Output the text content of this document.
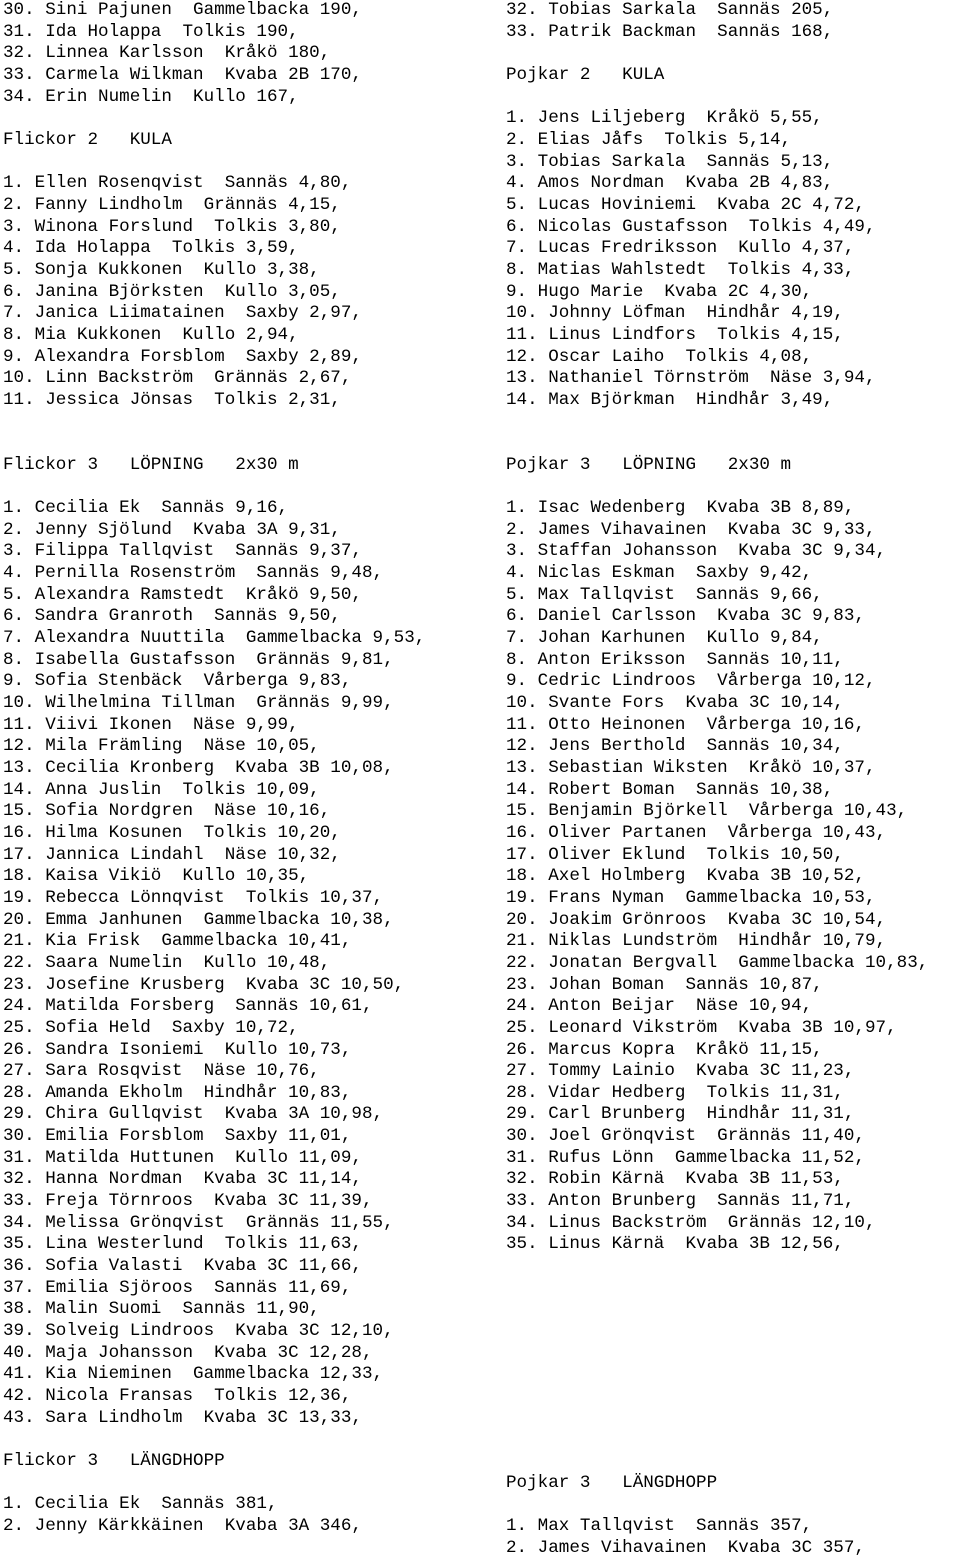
30. Sini Pajunen  Gammelbacka 190,
31. Ida Holappa  Tolkis 190,
32. Linnea Karlsson  Kråkö 180,
33. Carmela Wilkman  Kvaba 2B 170,
34. Erin Numelin  Kullo 167,
Flickor 2   KULA
1. Ellen Rosenqvist  Sannäs 4,80,
2. Fanny Lindholm  Grännäs 4,15,
3. Winona Forslund  Tolkis 3,80,
4. Ida Holappa  Tolkis 3,59,
5. Sonja Kukkonen  Kullo 3,38,
6. Janina Björksten  Kullo 3,05,
7. Janica Liimatainen  Saxby 2,97,
8. Mia Kukkonen  Kullo 2,94,
9. Alexandra Forsblom  Saxby 2,89,
10. Linn Backström  Grännäs 2,67,
11. Jessica Jönsas  Tolkis 2,31,
Flickor 3   LÖPNING   2x30 m
1. Cecilia Ek  Sannäs 9,16,
2. Jenny Sjölund  Kvaba 3A 9,31,
3. Filippa Tallqvist  Sannäs 9,37,
4. Pernilla Rosenström  Sannäs 9,48,
5. Alexandra Ramstedt  Kråkö 9,50,
6. Sandra Granroth  Sannäs 9,50,
7. Alexandra Nuuttila  Gammelbacka 9,53,
8. Isabella Gustafsson  Grännäs 9,81,
9. Sofia Stenbäck  Vårberga 9,83,
10. Wilhelmina Tillman  Grännäs 9,99,
11. Viivi Ikonen  Näse 9,99,
12. Mila Främling  Näse 10,05,
13. Cecilia Kronberg  Kvaba 3B 10,08,
14. Anna Juslin  Tolkis 10,09,
15. Sofia Nordgren  Näse 10,16,
16. Hilma Kosunen  Tolkis 10,20,
17. Jannica Lindahl  Näse 10,32,
18. Kaisa Vikiö  Kullo 10,35,
19. Rebecca Lönnqvist  Tolkis 10,37,
20. Emma Janhunen  Gammelbacka 10,38,
21. Kia Frisk  Gammelbacka 10,41,
22. Saara Numelin  Kullo 10,48,
23. Josefine Krusberg  Kvaba 3C 10,50,
24. Matilda Forsberg  Sannäs 10,61,
25. Sofia Held  Saxby 10,72,
26. Sandra Isoniemi  Kullo 10,73,
27. Sara Rosqvist  Näse 10,76,
28. Amanda Ekholm  Hindhår 10,83,
29. Chira Gullqvist  Kvaba 3A 10,98,
30. Emilia Forsblom  Saxby 11,01,
31. Matilda Huttunen  Kullo 11,09,
32. Hanna Nordman  Kvaba 3C 11,14,
33. Freja Törnroos  Kvaba 3C 11,39,
34. Melissa Grönqvist  Grännäs 11,55,
35. Lina Westerlund  Tolkis 11,63,
36. Sofia Valasti  Kvaba 3C 11,66,
37. Emilia Sjöroos  Sannäs 11,69,
38. Malin Suomi  Sannäs 11,90,
39. Solveig Lindroos  Kvaba 3C 12,10,
40. Maja Johansson  Kvaba 3C 12,28,
41. Kia Nieminen  Gammelbacka 12,33,
42. Nicola Fransas  Tolkis 12,36,
43. Sara Lindholm  Kvaba 3C 13,33,
Flickor 3   LÄNGDHOPP
1. Cecilia Ek  Sannäs 381,
2. Jenny Kärkkäinen  Kvaba 3A 346,
32. Tobias Sarkala  Sannäs 205,
33. Patrik Backman  Sannäs 168,
Pojkar 2   KULA
1. Jens Liljeberg  Kråkö 5,55,
2. Elias Jåfs  Tolkis 5,14,
3. Tobias Sarkala  Sannäs 5,13,
4. Amos Nordman  Kvaba 2B 4,83,
5. Lucas Hoviniemi  Kvaba 2C 4,72,
6. Nicolas Gustafsson  Tolkis 4,49,
7. Lucas Fredriksson  Kullo 4,37,
8. Matias Wahlstedt  Tolkis 4,33,
9. Hugo Marie  Kvaba 2C 4,30,
10. Johnny Löfman  Hindhår 4,19,
11. Linus Lindfors  Tolkis 4,15,
12. Oscar Laiho  Tolkis 4,08,
13. Nathaniel Törnström  Näse 3,94,
14. Max Björkman  Hindhår 3,49,
Pojkar 3   LÖPNING   2x30 m
1. Isac Wedenberg  Kvaba 3B 8,89,
2. James Vihavainen  Kvaba 3C 9,33,
3. Staffan Johansson  Kvaba 3C 9,34,
4. Niclas Eskman  Saxby 9,42,
5. Max Tallqvist  Sannäs 9,66,
6. Daniel Carlsson  Kvaba 3C 9,83,
7. Johan Karhunen  Kullo 9,84,
8. Anton Eriksson  Sannäs 10,11,
9. Cedric Lindroos  Vårberga 10,12,
10. Svante Fors  Kvaba 3C 10,14,
11. Otto Heinonen  Vårberga 10,16,
12. Jens Berthold  Sannäs 10,34,
13. Sebastian Wiksten  Kråkö 10,37,
14. Robert Boman  Sannäs 10,38,
15. Benjamin Björkell  Vårberga 10,43,
16. Oliver Partanen  Vårberga 10,43,
17. Oliver Eklund  Tolkis 10,50,
18. Axel Holmberg  Kvaba 3B 10,52,
19. Frans Nyman  Gammelbacka 10,53,
20. Joakim Grönroos  Kvaba 3C 10,54,
21. Niklas Lundström  Hindhår 10,79,
22. Jonatan Bergvall  Gammelbacka 10,83,
23. Johan Boman  Sannäs 10,87,
24. Anton Beijar  Näse 10,94,
25. Leonard Vikström  Kvaba 3B 10,97,
26. Marcus Kopra  Kråkö 11,15,
27. Tommy Lainio  Kvaba 3C 11,23,
28. Vidar Hedberg  Tolkis 11,31,
29. Carl Brunberg  Hindhår 11,31,
30. Joel Grönqvist  Grännäs 11,40,
31. Rufus Lönn  Gammelbacka 11,52,
32. Robin Kärnä  Kvaba 3B 11,53,
33. Anton Brunberg  Sannäs 11,71,
34. Linus Backström  Grännäs 12,10,
35. Linus Kärnä  Kvaba 3B 12,56,
Pojkar 3   LÄNGDHOPP
1. Max Tallqvist  Sannäs 357,
2. James Vihavainen  Kvaba 3C 357,
